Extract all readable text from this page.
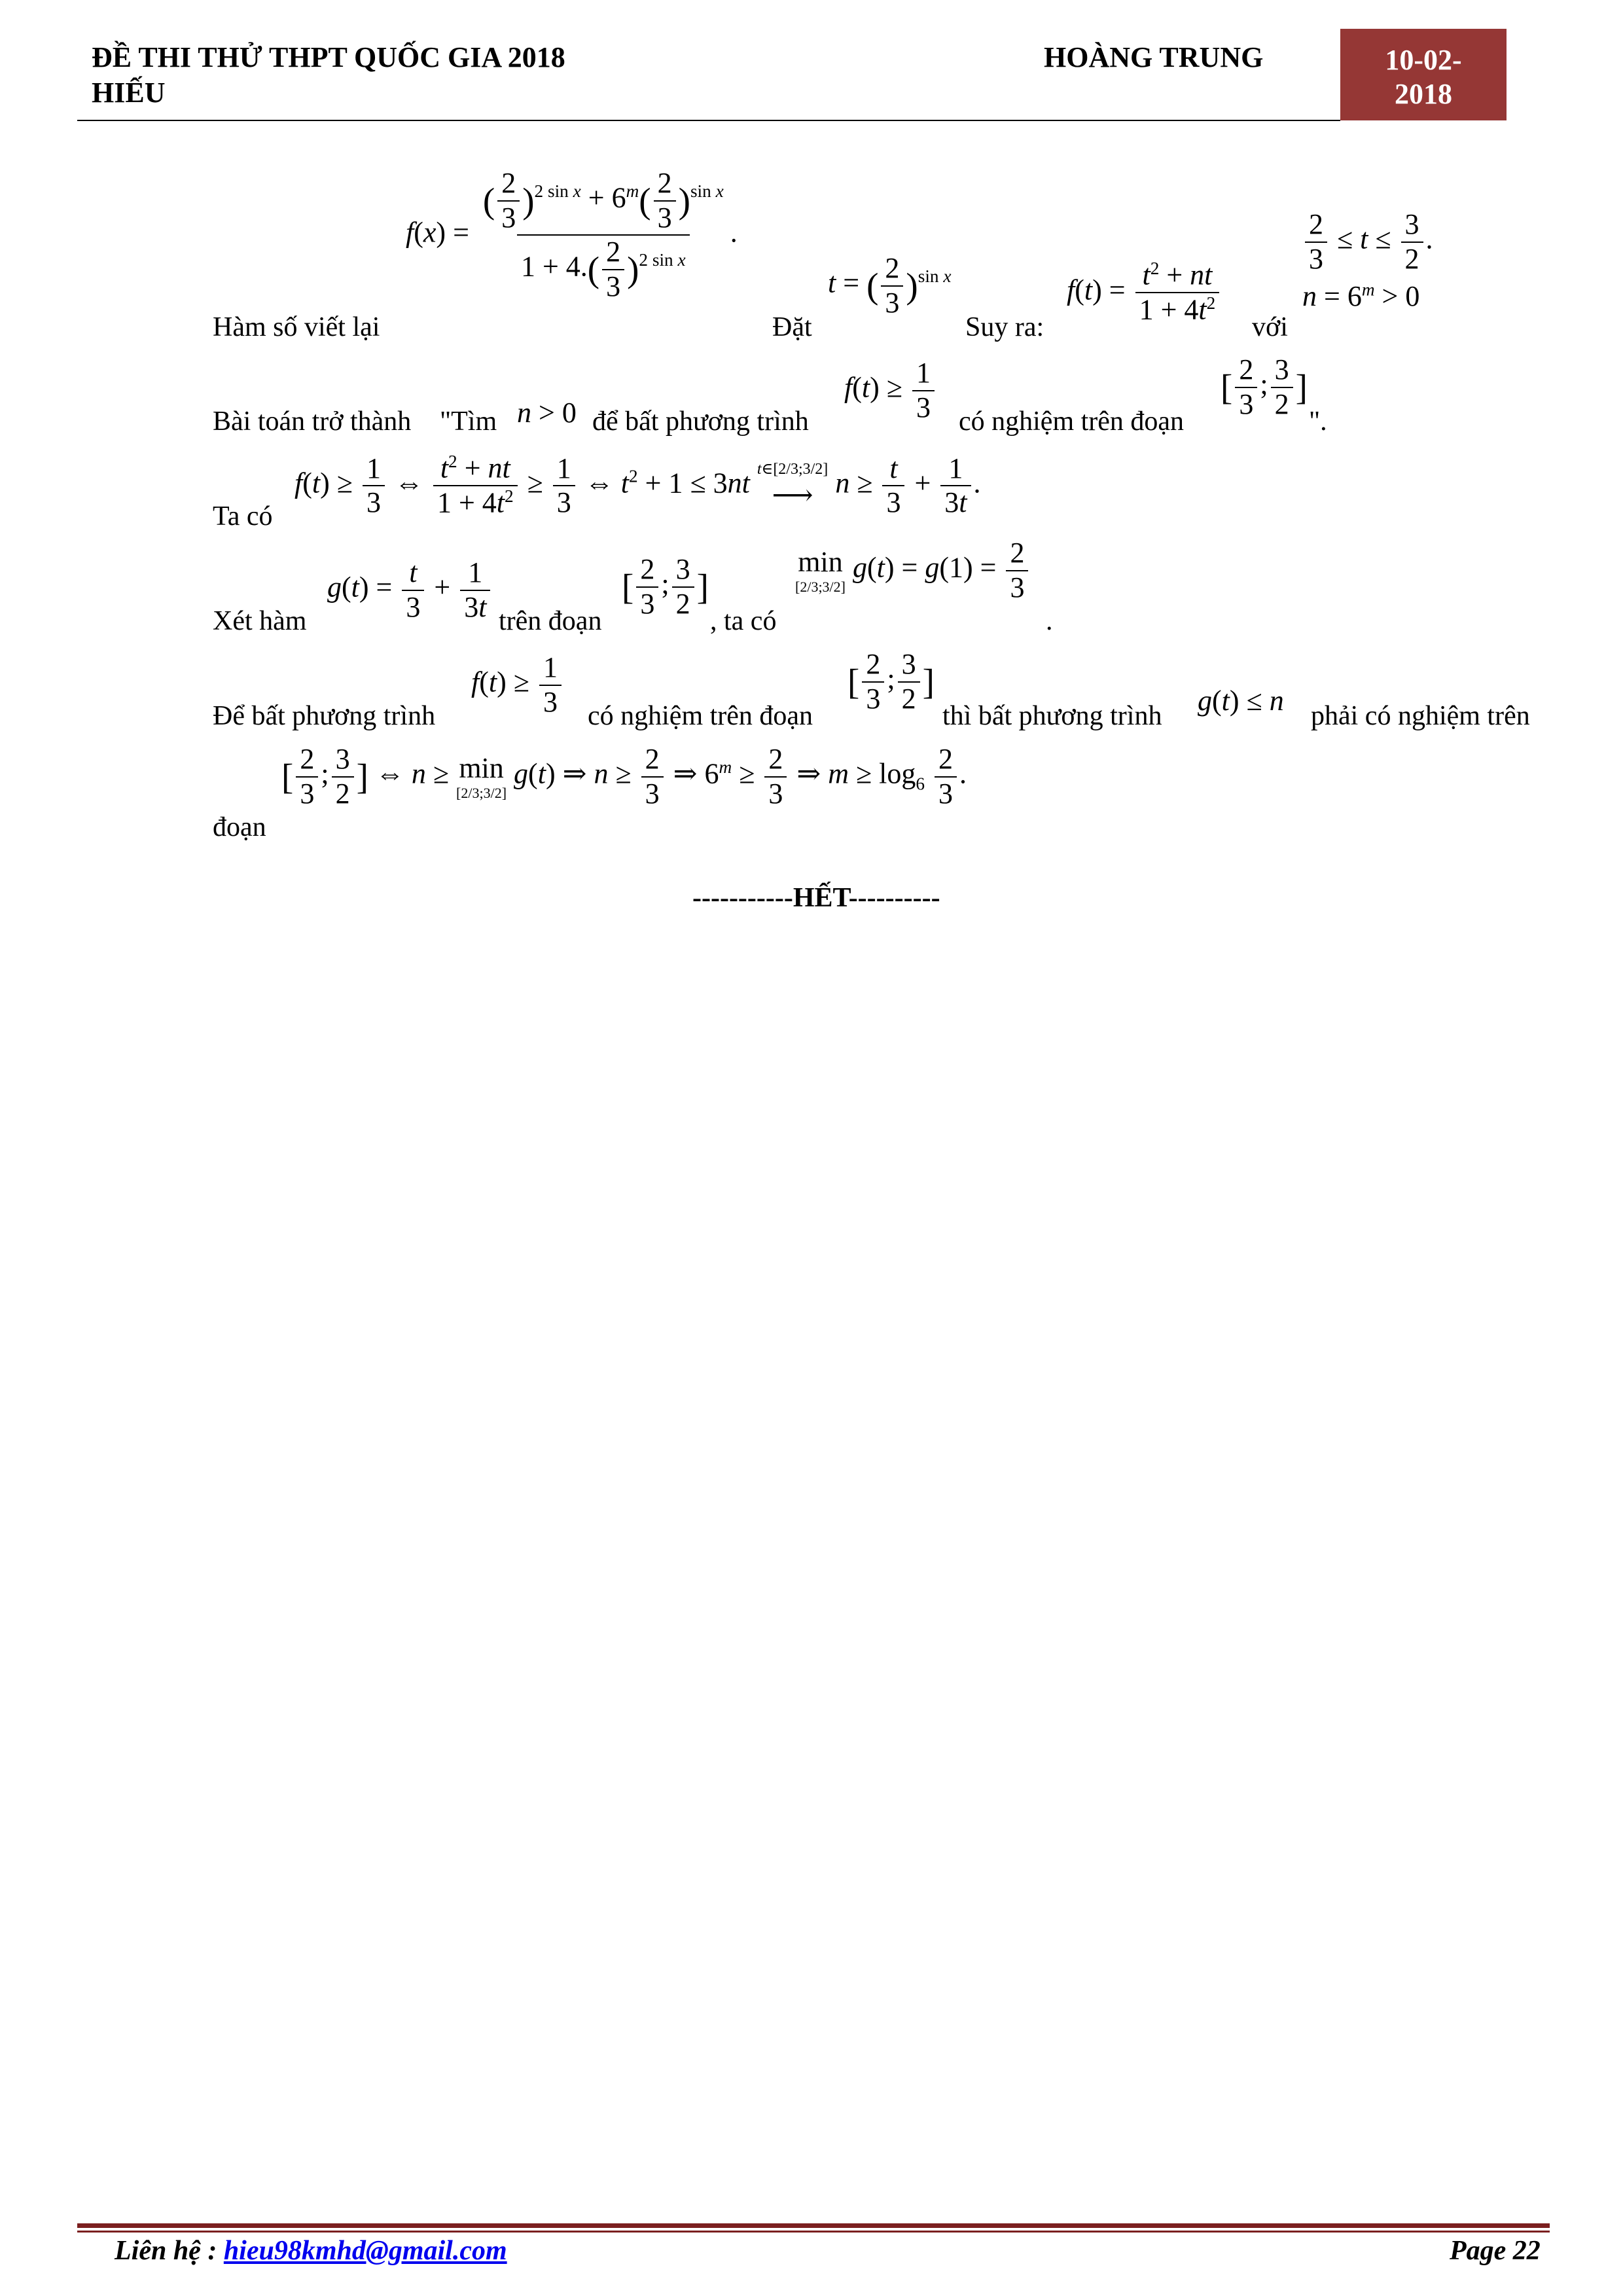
ĐỀ THI THỬ THPT QUỐC GIA 2018
HIẾU
HOÀNG TRUNG	10-02-
2018
$f(x) = \frac{( \frac{2}{3} )^{2 sin x} + 6^m( \frac{2}{3} )^{sin x}}{1 + 4.( \frac{2}{3} )^{2 sin x}}$ .
Hàm số viết lại	Đặt
t = ( $\frac{2}{3} )^{sin x}$
Suy ra:
$f(t) = \frac{t^2 + nt}{1 + 4t^2}$
với
$\frac{2}{3} \le t \le \frac{3}{2}$ .
$n = 6^m > 0$
Bài toán trở thành "Tìm n > 0 để bất phương trình
$f(t) \ge \frac{1}{3}$ có nghiệm trên đoạn
[ $\frac{2}{3}$ ; $\frac{3}{2}$ ]
".
Ta có
$f(t) \ge \frac{1}{3}$ ⇔ $\frac{t^2 + nt}{1 + 4t^2} \ge \frac{1}{3}$ ⇔ $t^2 + 1 \le 3nt$ t∈[2/3;3/2]
⟶ $n \ge \frac{t}{3} + \frac{1}{3t}$ .
Xét hàm
$g(t) = \frac{t}{3} + \frac{1}{3t}$ trên đoạn
[ $\frac{2}{3}$ ; $\frac{3}{2}$ ]
, ta có
min
[2/3;3/2]
$g(t) = g(1) = \frac{2}{3}$
.
Để bất phương trình
$f(t) \ge \frac{1}{3}$ có nghiệm trên đoạn
[ $\frac{2}{3}$ ; $\frac{3}{2}$ ]
thì bất phương trình g(t) ≤ n phải có nghiệm trên
đoạn
[ $\frac{2}{3}$ ; $\frac{3}{2}$ ] ⇔ n ≥ min
[2/3;3/2]
g(t) ⇒ $n \ge \frac{2}{3}$ ⇒ $6^m \ge \frac{2}{3}$ ⇒ $m \ge \log_6 \frac{2}{3}$ .
-----------HẾT----------
Liên hệ : hieu98kmhd@gmail.com	Page 22
